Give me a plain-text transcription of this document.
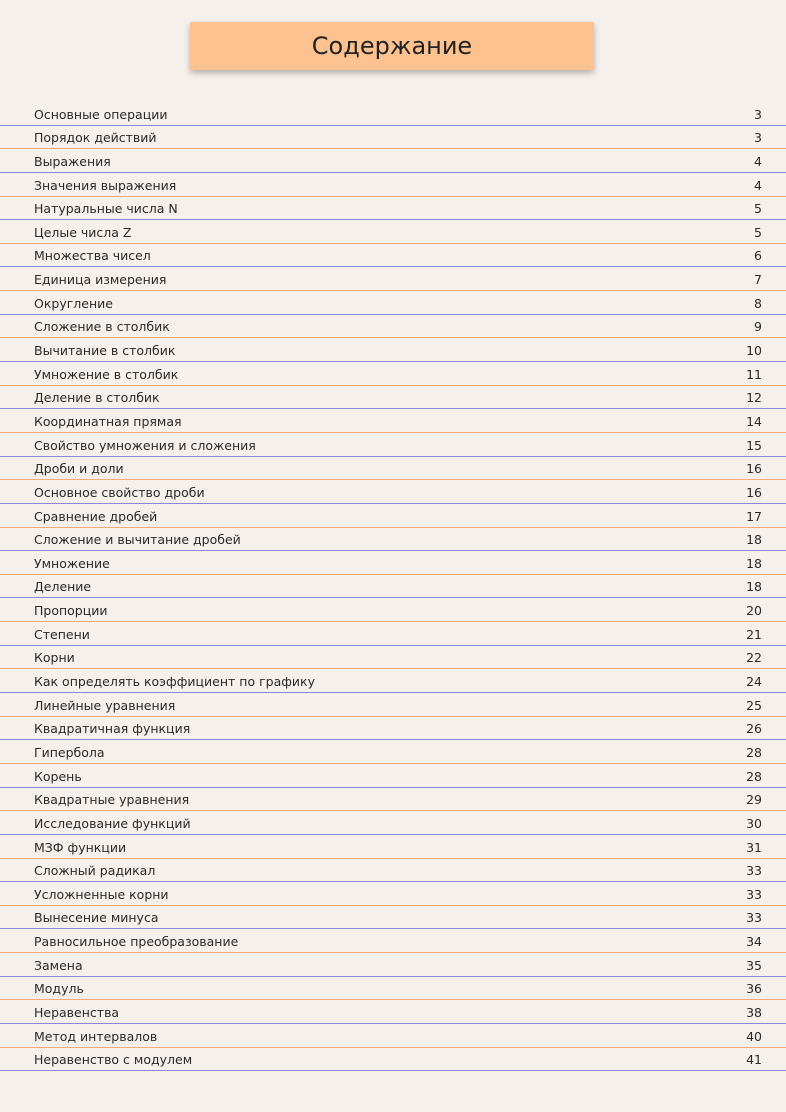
Содержание
Основные операции	3
Порядок действий	3
Выражения	4
Значения выражения	4
Натуральные числа N	5
Целые числа Z	5
Множества чисел	6
Единица измерения	7
Округление	8
Сложение в столбик	9
Вычитание в столбик	10
Умножение в столбик	11
Деление в столбик	12
Координатная прямая	14
Свойство умножения и сложения	15
Дроби и доли	16
Основное свойство дроби	16
Сравнение дробей	17
Сложение и вычитание дробей	18
Умножение	18
Деление	18
Пропорции	20
Степени	21
Корни	22
Как определять коэффициент по графику	24
Линейные уравнения	25
Квадратичная функция	26
Гипербола	28
Корень	28
Квадратные уравнения	29
Исследование функций	30
МЗФ функции	31
Сложный радикал	33
Усложненные корни	33
Вынесение минуса	33
Равносильное преобразование	34
Замена	35
Модуль	36
Неравенства	38
Метод интервалов	40
Неравенство с модулем	41
